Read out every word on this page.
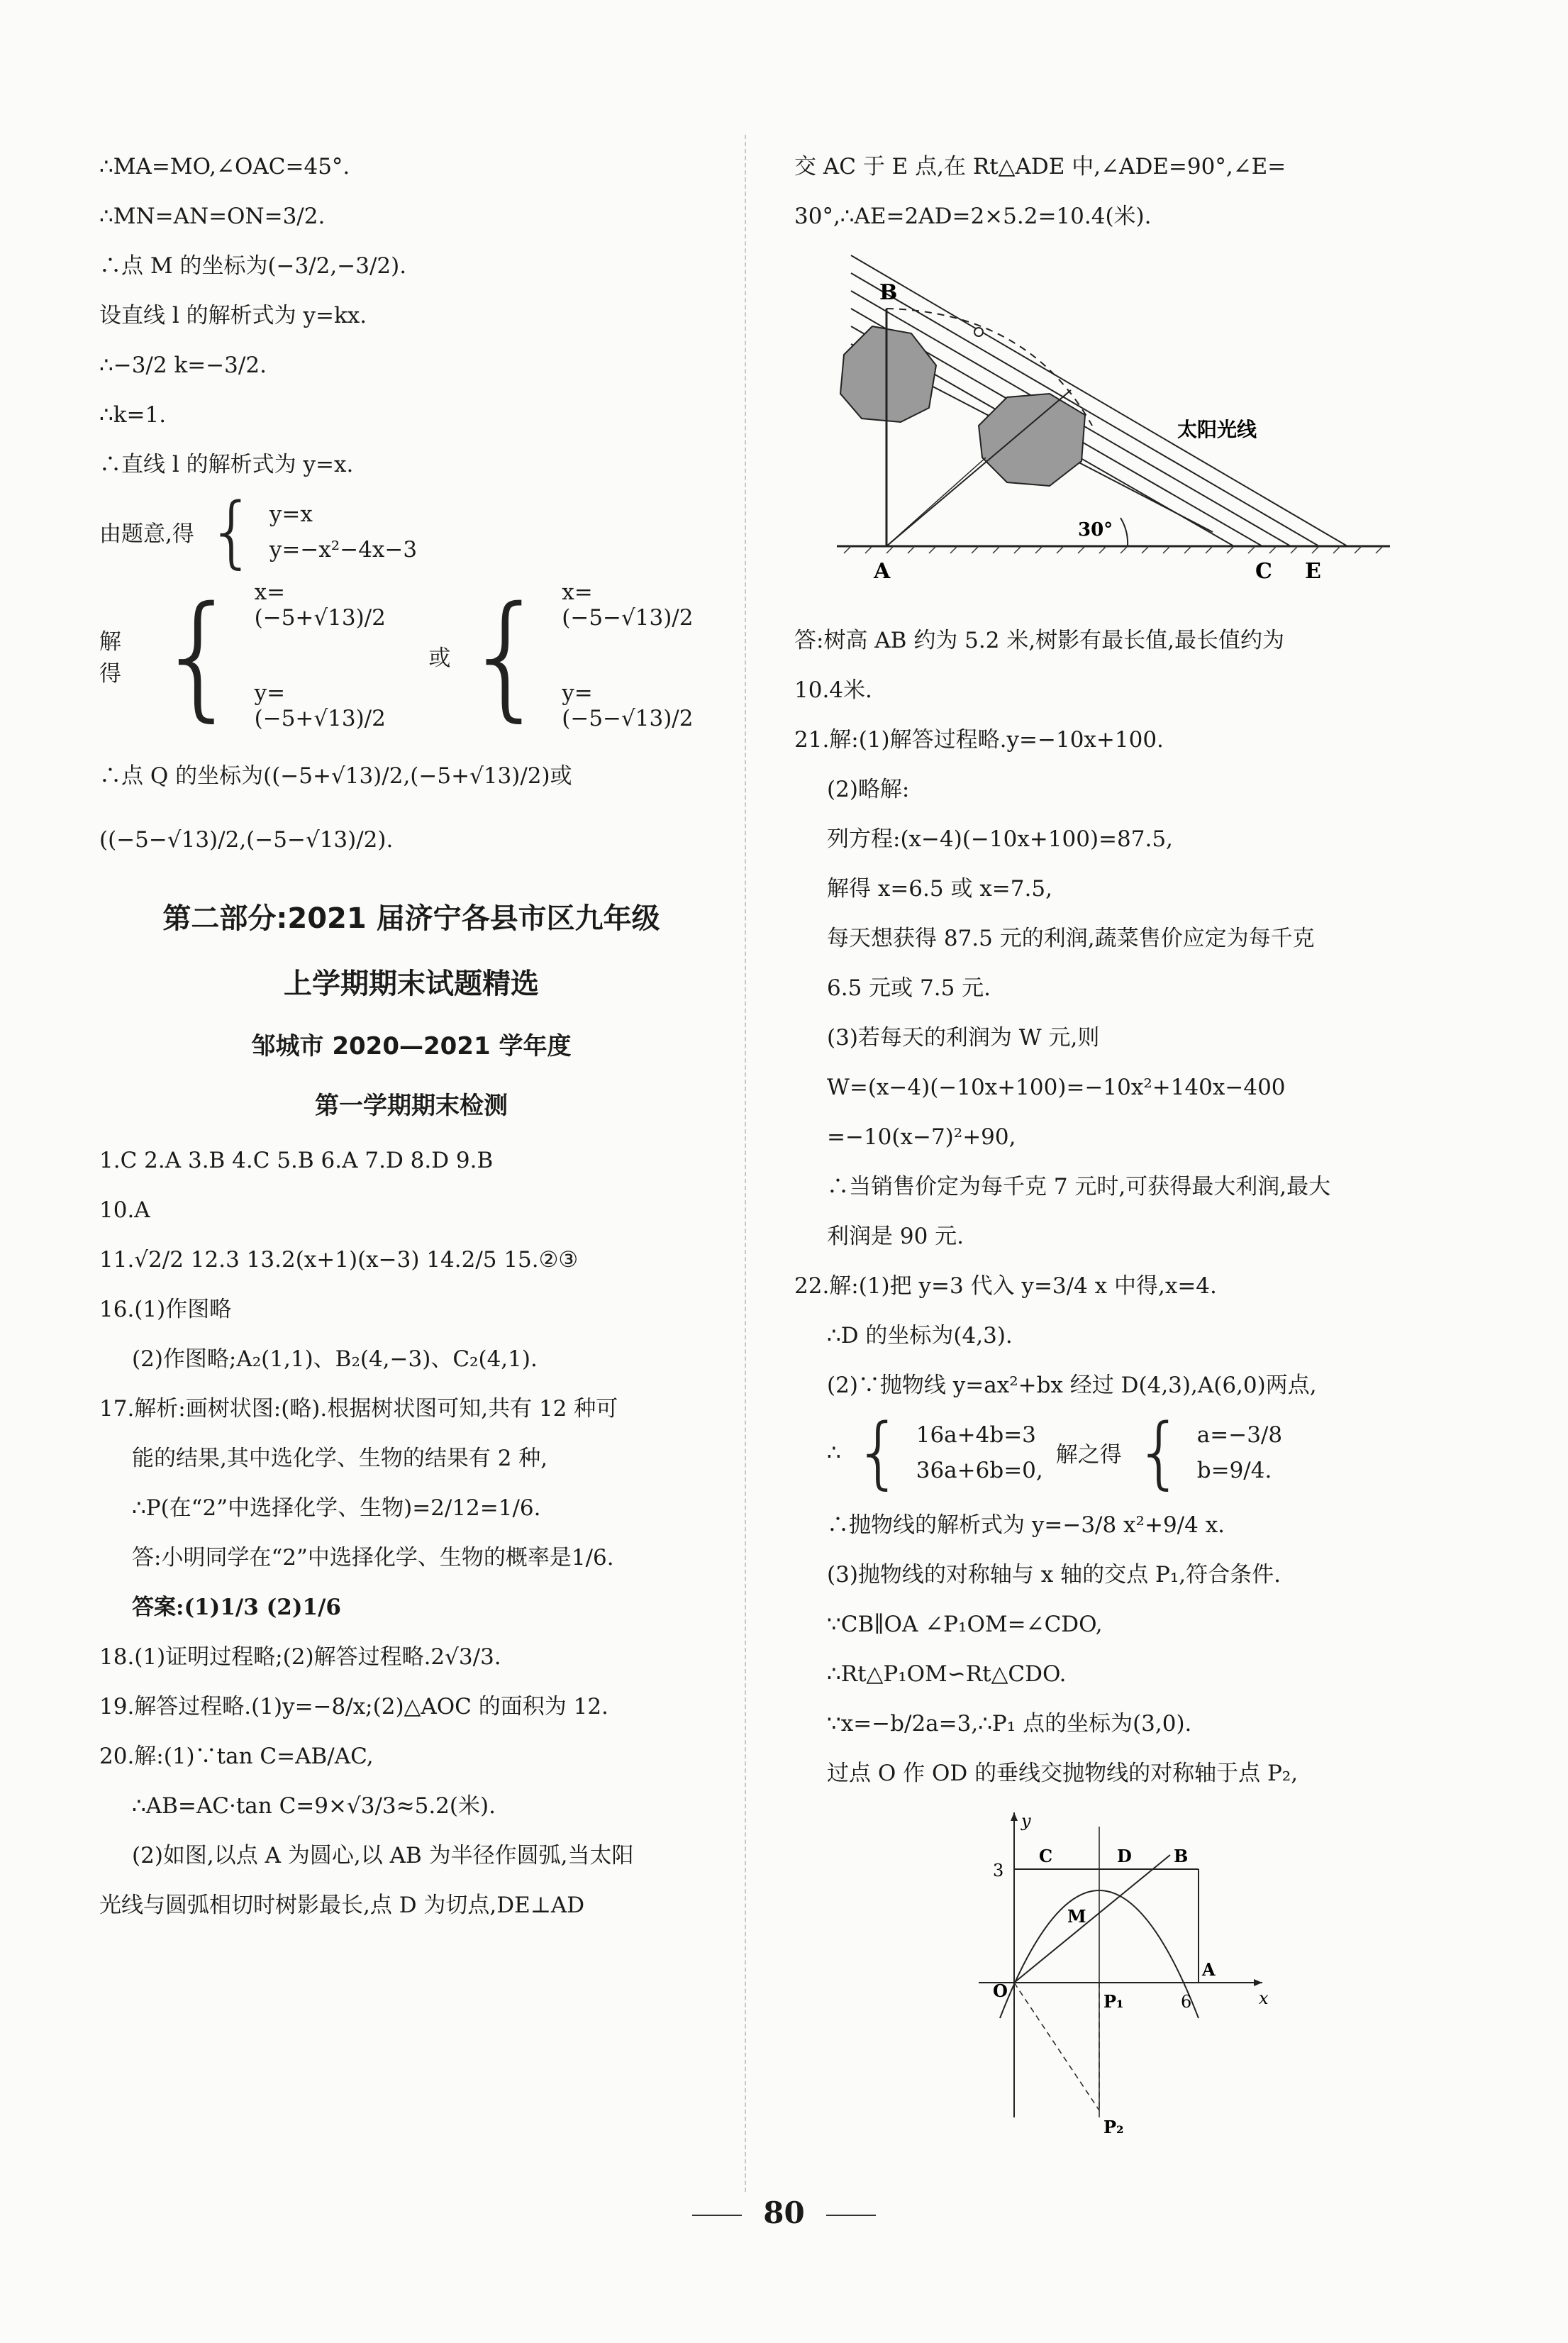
∴MA=MO,∠OAC=45°.

∴MN=AN=ON=3/2.

∴点 M 的坐标为(−3/2,−3/2).

设直线 l 的解析式为 y=kx.

∴−3/2 k=−3/2.

∴k=1.

∴直线 l 的解析式为 y=x.

由题意,得 { y=x
y=−x²−4x−3
解得 { x=(−5+√13)/2
y=(−5+√13)/2
或 { x=(−5−√13)/2
y=(−5−√13)/2

∴点 Q 的坐标为((−5+√13)/2,(−5+√13)/2)或

((−5−√13)/2,(−5−√13)/2).

第二部分:2021 届济宁各县市区九年级

上学期期末试题精选

邹城市 2020—2021 学年度

第一学期期末检测

1.C 2.A 3.B 4.C 5.B 6.A 7.D 8.D 9.B

10.A

11.√2/2 12.3 13.2(x+1)(x−3) 14.2/5 15.②③

16.(1)作图略

(2)作图略;A₂(1,1)、B₂(4,−3)、C₂(4,1).

17.解析:画树状图:(略).根据树状图可知,共有 12 种可

能的结果,其中选化学、生物的结果有 2 种,

∴P(在“2”中选择化学、生物)=2/12=1/6.

答:小明同学在“2”中选择化学、生物的概率是1/6.

答案:(1)1/3 (2)1/6

18.(1)证明过程略;(2)解答过程略.2√3/3.

19.解答过程略.(1)y=−8/x;(2)△AOC 的面积为 12.

20.解:(1)∵tan C=AB/AC,

∴AB=AC·tan C=9×√3/3≈5.2(米).

(2)如图,以点 A 为圆心,以 AB 为半径作圆弧,当太阳

光线与圆弧相切时树影最长,点 D 为切点,DE⊥AD

交 AC 于 E 点,在 Rt△ADE 中,∠ADE=90°,∠E=

30°,∴AE=2AD=2×5.2=10.4(米).

B
A	C E
30°
太阳光线

答:树高 AB 约为 5.2 米,树影有最长值,最长值约为

10.4米.

21.解:(1)解答过程略.y=−10x+100.

(2)略解:

列方程:(x−4)(−10x+100)=87.5,

解得 x=6.5 或 x=7.5,

每天想获得 87.5 元的利润,蔬菜售价应定为每千克

6.5 元或 7.5 元.

(3)若每天的利润为 W 元,则

W=(x−4)(−10x+100)=−10x²+140x−400

=−10(x−7)²+90,

∴当销售价定为每千克 7 元时,可获得最大利润,最大

利润是 90 元.

22.解:(1)把 y=3 代入 y=3/4 x 中得,x=4.

∴D 的坐标为(4,3).

(2)∵抛物线 y=ax²+bx 经过 D(4,3),A(6,0)两点,

∴ { 16a+4b=3
36a+6b=0,
解之得 { a=−3/8
b=9/4.

∴抛物线的解析式为 y=−3/8 x²+9/4 x.

(3)抛物线的对称轴与 x 轴的交点 P₁,符合条件.

∵CB∥OA ∠P₁OM=∠CDO,

∴Rt△P₁OM∽Rt△CDO.

∵x=−b/2a=3,∴P₁ 点的坐标为(3,0).

过点 O 作 OD 的垂线交抛物线的对称轴于点 P₂,

y
x
C	D B
M
O
P₁
A
P₂
3
6
80
